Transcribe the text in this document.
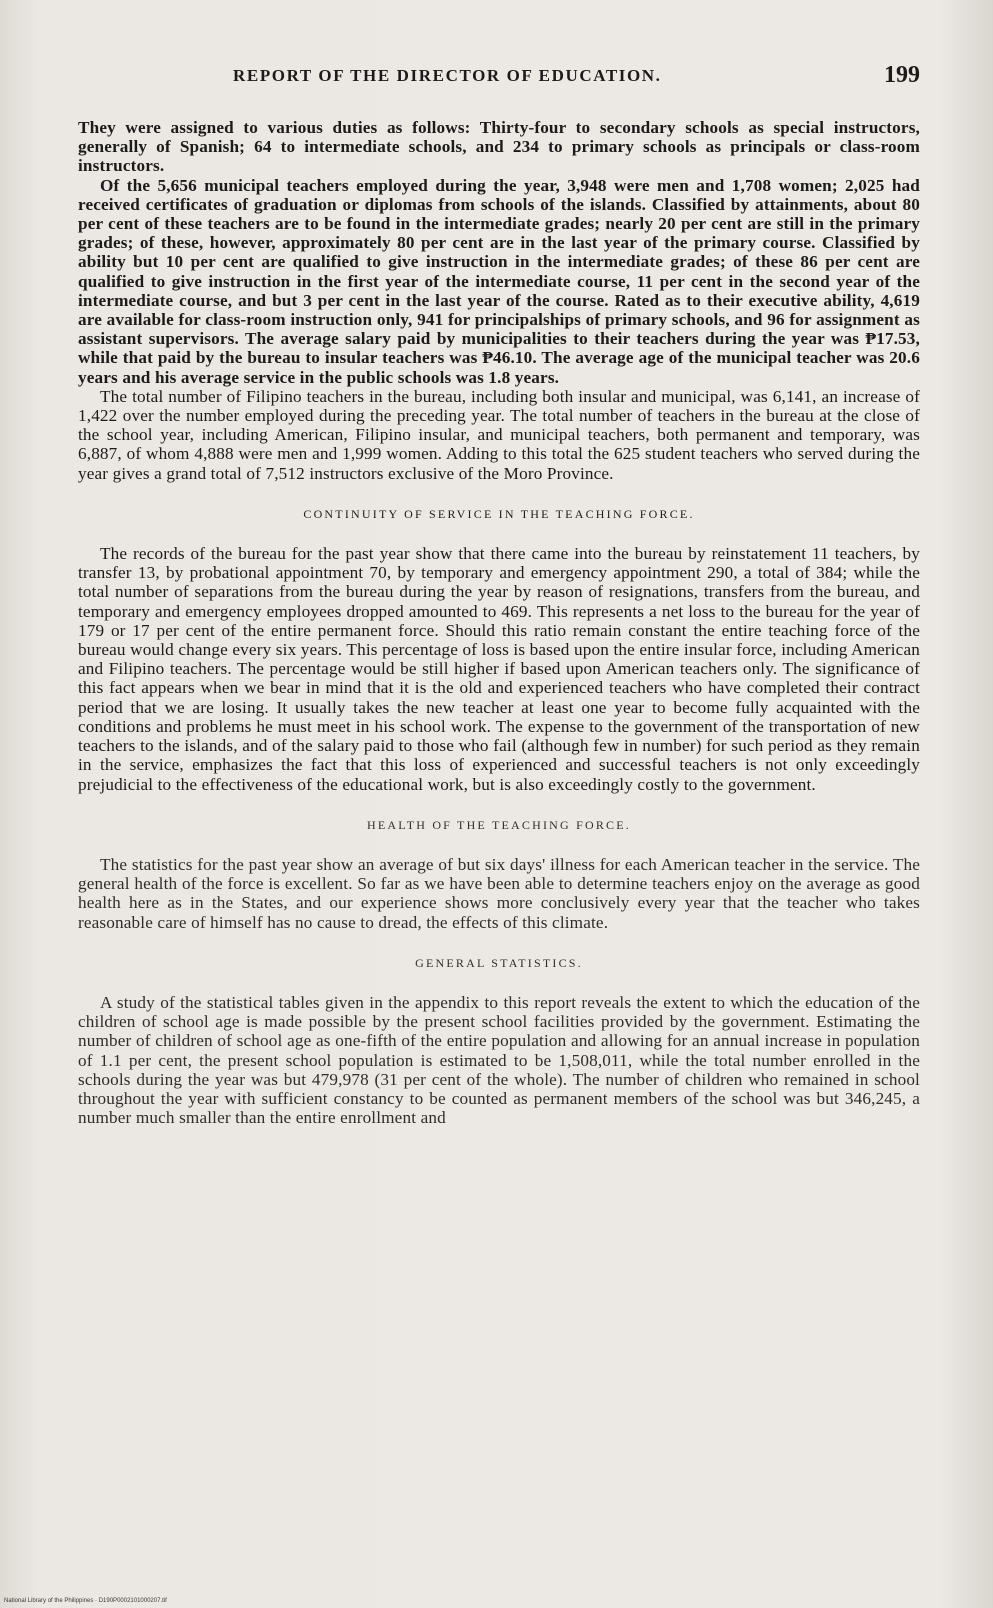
REPORT OF THE DIRECTOR OF EDUCATION.	199

They were assigned to various duties as follows: Thirty-four to secondary schools as special instructors, generally of Spanish; 64 to intermediate schools, and 234 to primary schools as principals or class-room instructors.

Of the 5,656 municipal teachers employed during the year, 3,948 were men and 1,708 women; 2,025 had received certificates of graduation or diplomas from schools of the islands. Classified by attainments, about 80 per cent of these teachers are to be found in the intermediate grades; nearly 20 per cent are still in the primary grades; of these, however, approximately 80 per cent are in the last year of the primary course. Classified by ability but 10 per cent are qualified to give instruction in the intermediate grades; of these 86 per cent are qualified to give instruction in the first year of the intermediate course, 11 per cent in the second year of the intermediate course, and but 3 per cent in the last year of the course. Rated as to their executive ability, 4,619 are available for class-room instruction only, 941 for principalships of primary schools, and 96 for assignment as assistant supervisors. The average salary paid by municipalities to their teachers during the year was ₱17.53, while that paid by the bureau to insular teachers was ₱46.10. The average age of the municipal teacher was 20.6 years and his average service in the public schools was 1.8 years.

The total number of Filipino teachers in the bureau, including both insular and municipal, was 6,141, an increase of 1,422 over the number employed during the preceding year. The total number of teachers in the bureau at the close of the school year, including American, Filipino insular, and municipal teachers, both permanent and temporary, was 6,887, of whom 4,888 were men and 1,999 women. Adding to this total the 625 student teachers who served during the year gives a grand total of 7,512 instructors exclusive of the Moro Province.

CONTINUITY OF SERVICE IN THE TEACHING FORCE.

The records of the bureau for the past year show that there came into the bureau by reinstatement 11 teachers, by transfer 13, by probational appointment 70, by temporary and emergency appointment 290, a total of 384; while the total number of separations from the bureau during the year by reason of resignations, transfers from the bureau, and temporary and emergency employees dropped amounted to 469. This represents a net loss to the bureau for the year of 179 or 17 per cent of the entire permanent force. Should this ratio remain constant the entire teaching force of the bureau would change every six years. This percentage of loss is based upon the entire insular force, including American and Filipino teachers. The percentage would be still higher if based upon American teachers only. The significance of this fact appears when we bear in mind that it is the old and experienced teachers who have completed their contract period that we are losing. It usually takes the new teacher at least one year to become fully acquainted with the conditions and problems he must meet in his school work. The expense to the government of the transportation of new teachers to the islands, and of the salary paid to those who fail (although few in number) for such period as they remain in the service, emphasizes the fact that this loss of experienced and successful teachers is not only exceedingly prejudicial to the effectiveness of the educational work, but is also exceedingly costly to the government.

HEALTH OF THE TEACHING FORCE.

The statistics for the past year show an average of but six days' illness for each American teacher in the service. The general health of the force is excellent. So far as we have been able to determine teachers enjoy on the average as good health here as in the States, and our experience shows more conclusively every year that the teacher who takes reasonable care of himself has no cause to dread, the effects of this climate.

GENERAL STATISTICS.

A study of the statistical tables given in the appendix to this report reveals the extent to which the education of the children of school age is made possible by the present school facilities provided by the government. Estimating the number of children of school age as one-fifth of the entire population and allowing for an annual increase in population of 1.1 per cent, the present school population is estimated to be 1,508,011, while the total number enrolled in the schools during the year was but 479,978 (31 per cent of the whole). The number of children who remained in school throughout the year with sufficient constancy to be counted as permanent members of the school was but 346,245, a number much smaller than the entire enrollment and

National Library of the Philippines · D190P0002101000207.tif
